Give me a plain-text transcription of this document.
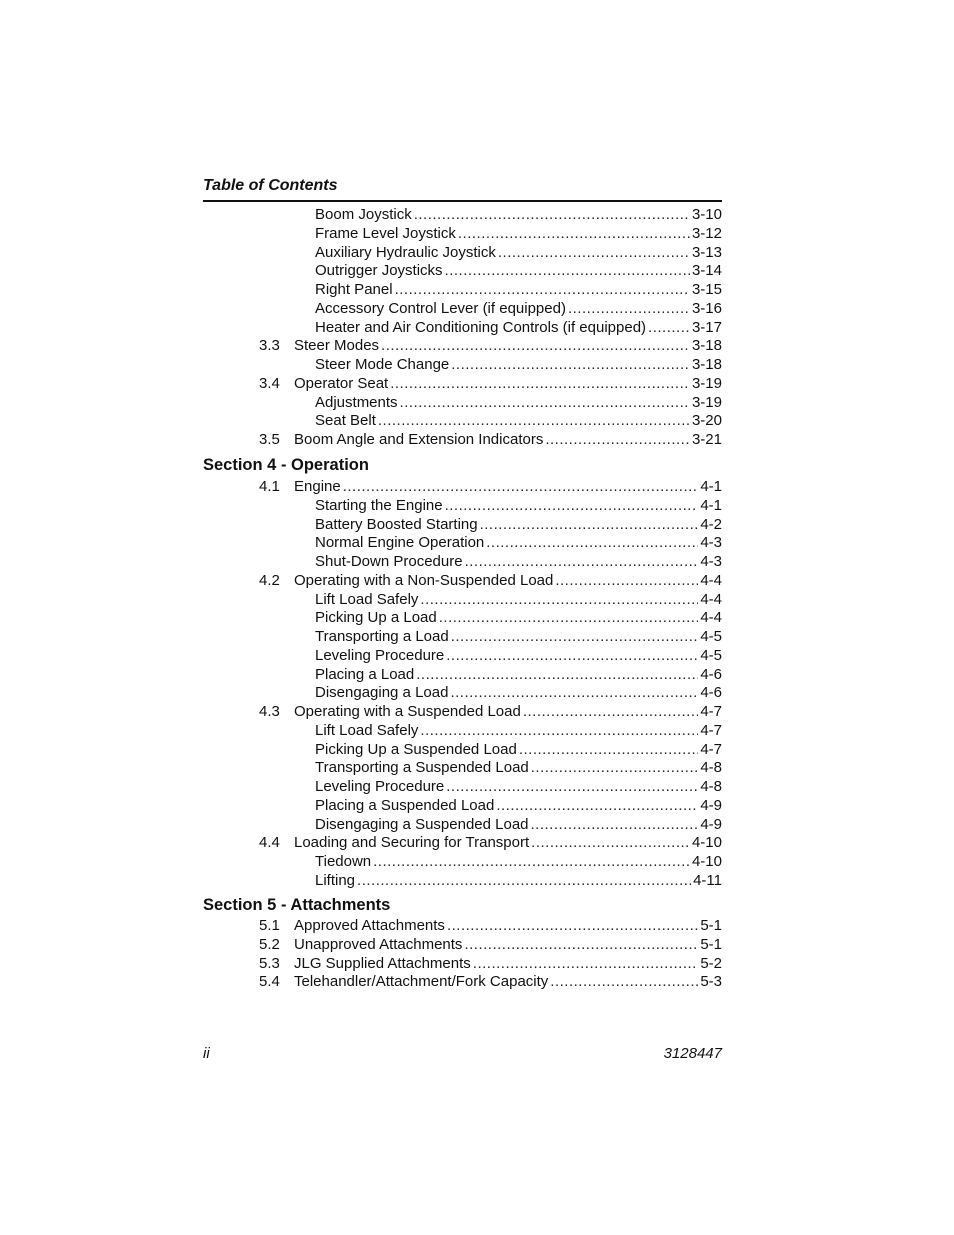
Table of Contents
Section 4 - Operation
Section 5 - Attachments
Boom Joystick .....	3-10
Frame Level Joystick .....	3-12
Auxiliary Hydraulic Joystick .....	3-13
Outrigger Joysticks .....	3-14
Right Panel .....	3-15
Accessory Control Lever (if equipped) .....	3-16
Heater and Air Conditioning Controls (if equipped) .....	3-17
3.3 Steer Modes .....	3-18
Steer Mode Change .....	3-18
3.4 Operator Seat .....	3-19
Adjustments .....	3-19
Seat Belt .....	3-20
3.5 Boom Angle and Extension Indicators .....	3-21
4.1 Engine .....	4-1
Starting the Engine .....	4-1
Battery Boosted Starting .....	4-2
Normal Engine Operation .....	4-3
Shut-Down Procedure .....	4-3
4.2 Operating with a Non-Suspended Load .....	4-4
Lift Load Safely .....	4-4
Picking Up a Load .....	4-4
Transporting a Load .....	4-5
Leveling Procedure .....	4-5
Placing a Load .....	4-6
Disengaging a Load .....	4-6
4.3 Operating with a Suspended Load .....	4-7
Lift Load Safely .....	4-7
Picking Up a Suspended Load .....	4-7
Transporting a Suspended Load .....	4-8
Leveling Procedure .....	4-8
Placing a Suspended Load .....	4-9
Disengaging a Suspended Load .....	4-9
4.4 Loading and Securing for Transport .....	4-10
Tiedown .....	4-10
Lifting .....	4-11
5.1 Approved Attachments .....	5-1
5.2 Unapproved Attachments .....	5-1
5.3 JLG Supplied Attachments .....	5-2
5.4 Telehandler/Attachment/Fork Capacity .....	5-3
ii	3128447
